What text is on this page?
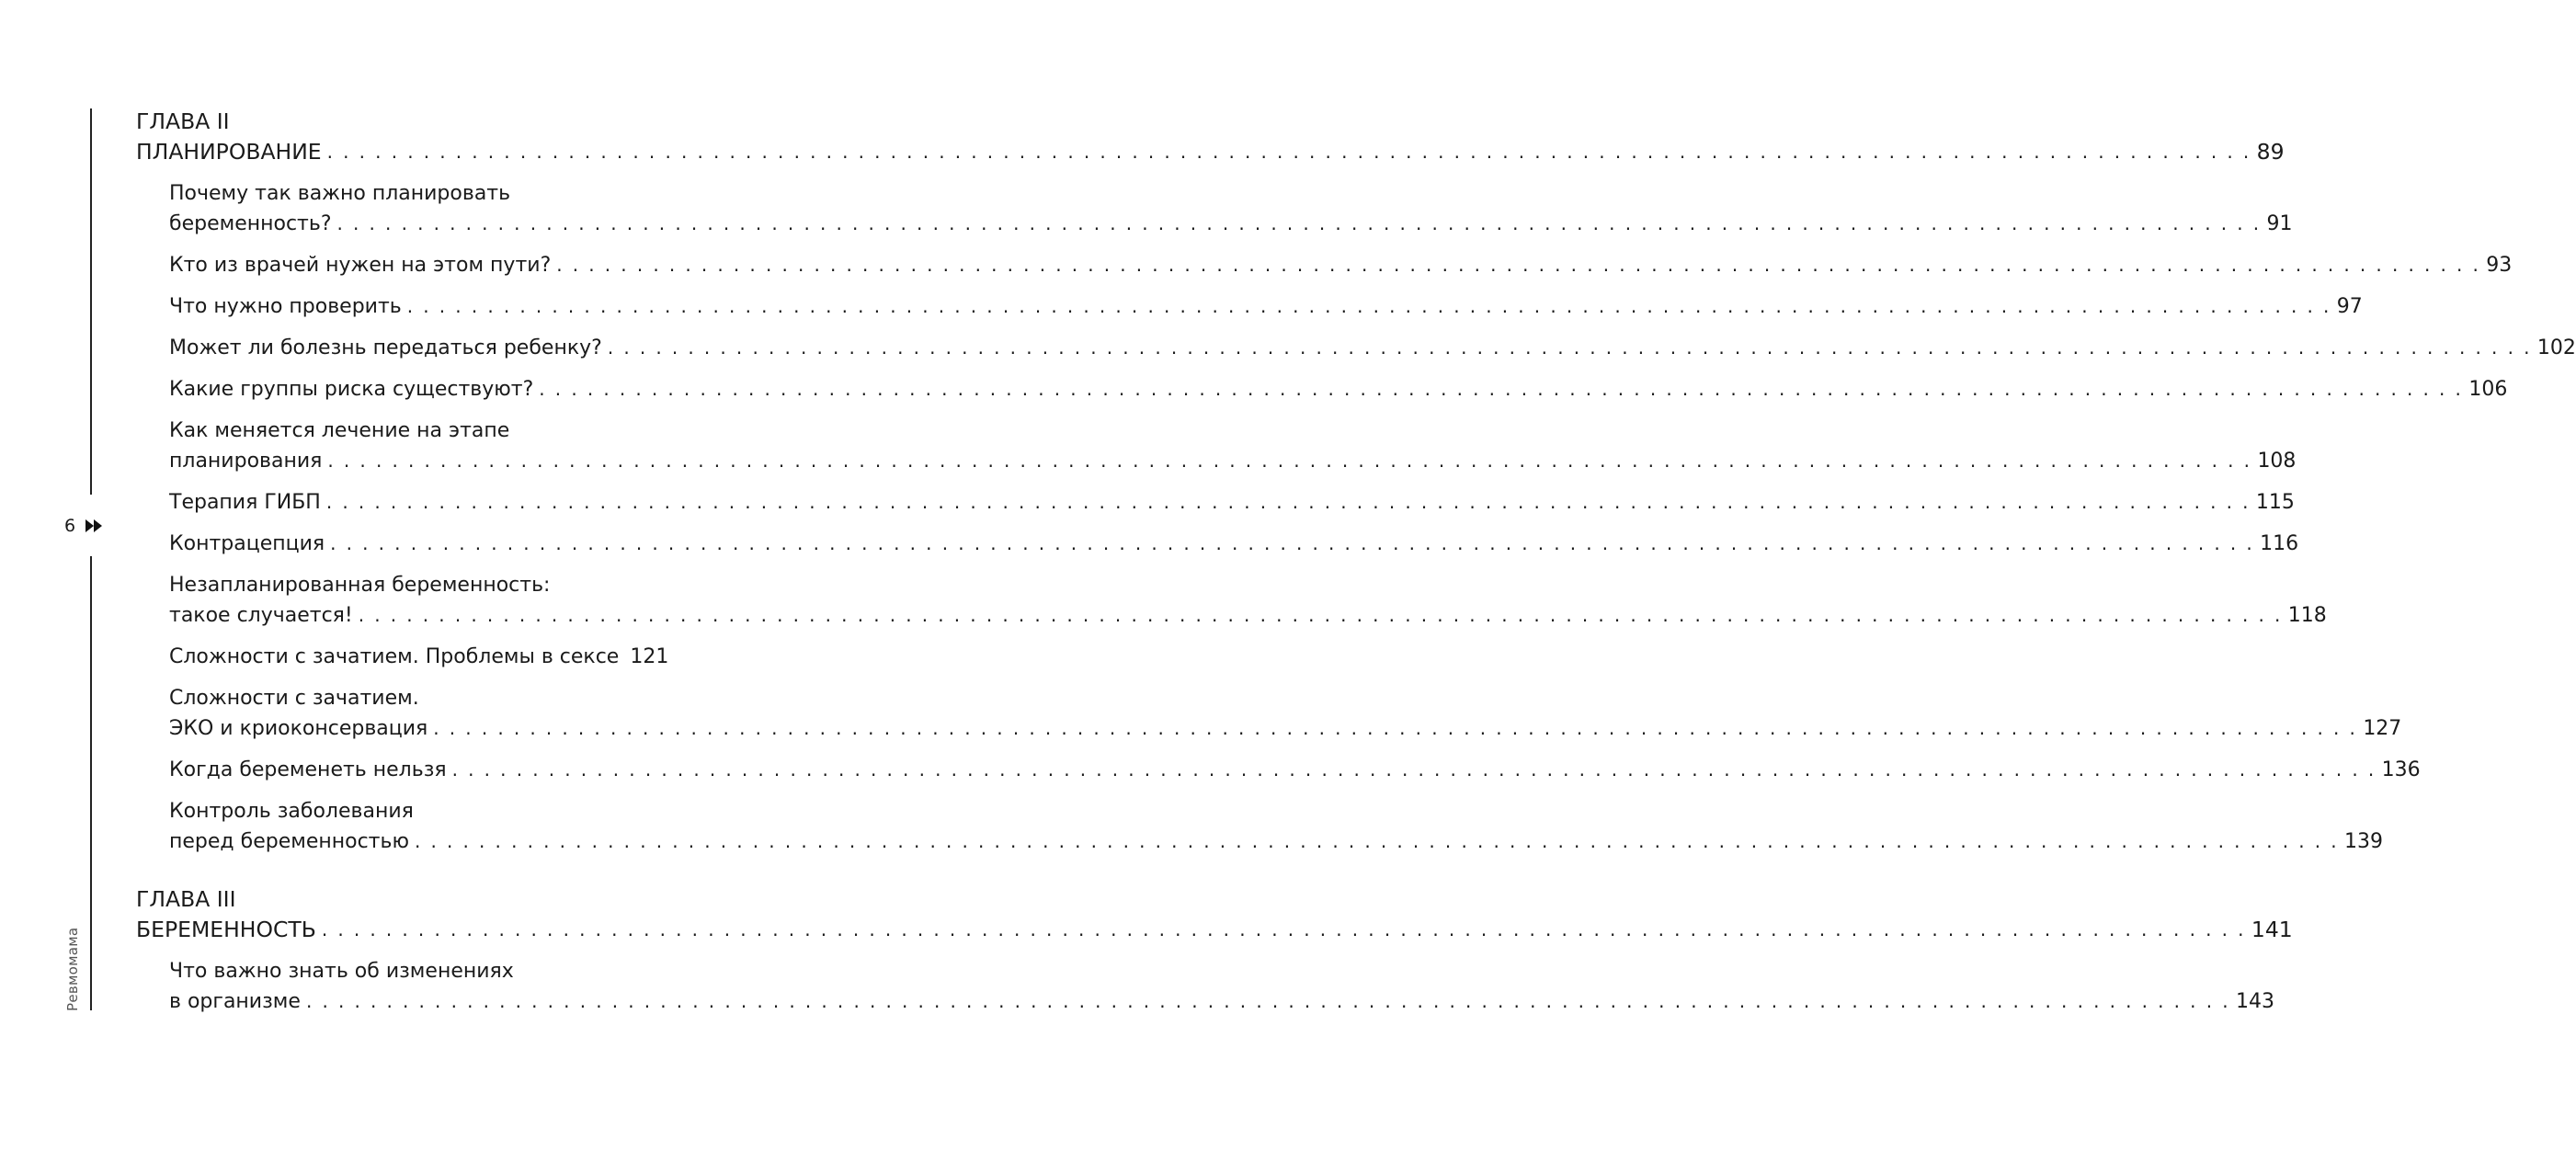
6
Ревмомама
ГЛАВА II
ПЛАНИРОВАНИЕ . . . . . . . . . . . . . . . . . . . . . . . . . . . . . . . . . . . . . . . . . . . . . . . . . . . . . . . . . . . . . . . . . . . . . . . . . . . . . . . . . . . . . . . . . . . . . . . . . . . . . . . . . . . . . . . . . . . . . . . . 89
Почему так важно планировать
беременность? . . . . . . . . . . . . . . . . . . . . . . . . . . . . . . . . . . . . . . . . . . . . . . . . . . . . . . . . . . . . . . . . . . . . . . . . . . . . . . . . . . . . . . . . . . . . . . . . . . . . . . . . . . . . . . . . . . . . . . . . 91
Кто из врачей нужен на этом пути? . . . . . . . . . . . . . . . . . . . . . . . . . . . . . . . . . . . . . . . . . . . . . . . . . . . . . . . . . . . . . . . . . . . . . . . . . . . . . . . . . . . . . . . . . . . . . . . . . . . . . . . . . . . . . . . . . . . . . . . . 93
Что нужно проверить . . . . . . . . . . . . . . . . . . . . . . . . . . . . . . . . . . . . . . . . . . . . . . . . . . . . . . . . . . . . . . . . . . . . . . . . . . . . . . . . . . . . . . . . . . . . . . . . . . . . . . . . . . . . . . . . . . . . . . . . 97
Может ли болезнь передаться ребенку? . . . . . . . . . . . . . . . . . . . . . . . . . . . . . . . . . . . . . . . . . . . . . . . . . . . . . . . . . . . . . . . . . . . . . . . . . . . . . . . . . . . . . . . . . . . . . . . . . . . . . . . . . . . . . . . . . . . . . . . . 102
Какие группы риска существуют? . . . . . . . . . . . . . . . . . . . . . . . . . . . . . . . . . . . . . . . . . . . . . . . . . . . . . . . . . . . . . . . . . . . . . . . . . . . . . . . . . . . . . . . . . . . . . . . . . . . . . . . . . . . . . . . . . . . . . . . . 106
Как меняется лечение на этапе
планирования . . . . . . . . . . . . . . . . . . . . . . . . . . . . . . . . . . . . . . . . . . . . . . . . . . . . . . . . . . . . . . . . . . . . . . . . . . . . . . . . . . . . . . . . . . . . . . . . . . . . . . . . . . . . . . . . . . . . . . . . 108
Терапия ГИБП . . . . . . . . . . . . . . . . . . . . . . . . . . . . . . . . . . . . . . . . . . . . . . . . . . . . . . . . . . . . . . . . . . . . . . . . . . . . . . . . . . . . . . . . . . . . . . . . . . . . . . . . . . . . . . . . . . . . . . . . 115
Контрацепция . . . . . . . . . . . . . . . . . . . . . . . . . . . . . . . . . . . . . . . . . . . . . . . . . . . . . . . . . . . . . . . . . . . . . . . . . . . . . . . . . . . . . . . . . . . . . . . . . . . . . . . . . . . . . . . . . . . . . . . . 116
Незапланированная беременность:
такое случается! . . . . . . . . . . . . . . . . . . . . . . . . . . . . . . . . . . . . . . . . . . . . . . . . . . . . . . . . . . . . . . . . . . . . . . . . . . . . . . . . . . . . . . . . . . . . . . . . . . . . . . . . . . . . . . . . . . . . . . . . 118
Сложности с зачатием. Проблемы в сексе 121
Сложности с зачатием.
ЭКО и криоконсервация . . . . . . . . . . . . . . . . . . . . . . . . . . . . . . . . . . . . . . . . . . . . . . . . . . . . . . . . . . . . . . . . . . . . . . . . . . . . . . . . . . . . . . . . . . . . . . . . . . . . . . . . . . . . . . . . . . . . . . . . 127
Когда беременеть нельзя . . . . . . . . . . . . . . . . . . . . . . . . . . . . . . . . . . . . . . . . . . . . . . . . . . . . . . . . . . . . . . . . . . . . . . . . . . . . . . . . . . . . . . . . . . . . . . . . . . . . . . . . . . . . . . . . . . . . . . . . 136
Контроль заболевания
перед беременностью . . . . . . . . . . . . . . . . . . . . . . . . . . . . . . . . . . . . . . . . . . . . . . . . . . . . . . . . . . . . . . . . . . . . . . . . . . . . . . . . . . . . . . . . . . . . . . . . . . . . . . . . . . . . . . . . . . . . . . . . 139
ГЛАВА III
БЕРЕМЕННОСТЬ . . . . . . . . . . . . . . . . . . . . . . . . . . . . . . . . . . . . . . . . . . . . . . . . . . . . . . . . . . . . . . . . . . . . . . . . . . . . . . . . . . . . . . . . . . . . . . . . . . . . . . . . . . . . . . . . . . . . . . . . 141
Что важно знать об изменениях
в организме . . . . . . . . . . . . . . . . . . . . . . . . . . . . . . . . . . . . . . . . . . . . . . . . . . . . . . . . . . . . . . . . . . . . . . . . . . . . . . . . . . . . . . . . . . . . . . . . . . . . . . . . . . . . . . . . . . . . . . . . 143
